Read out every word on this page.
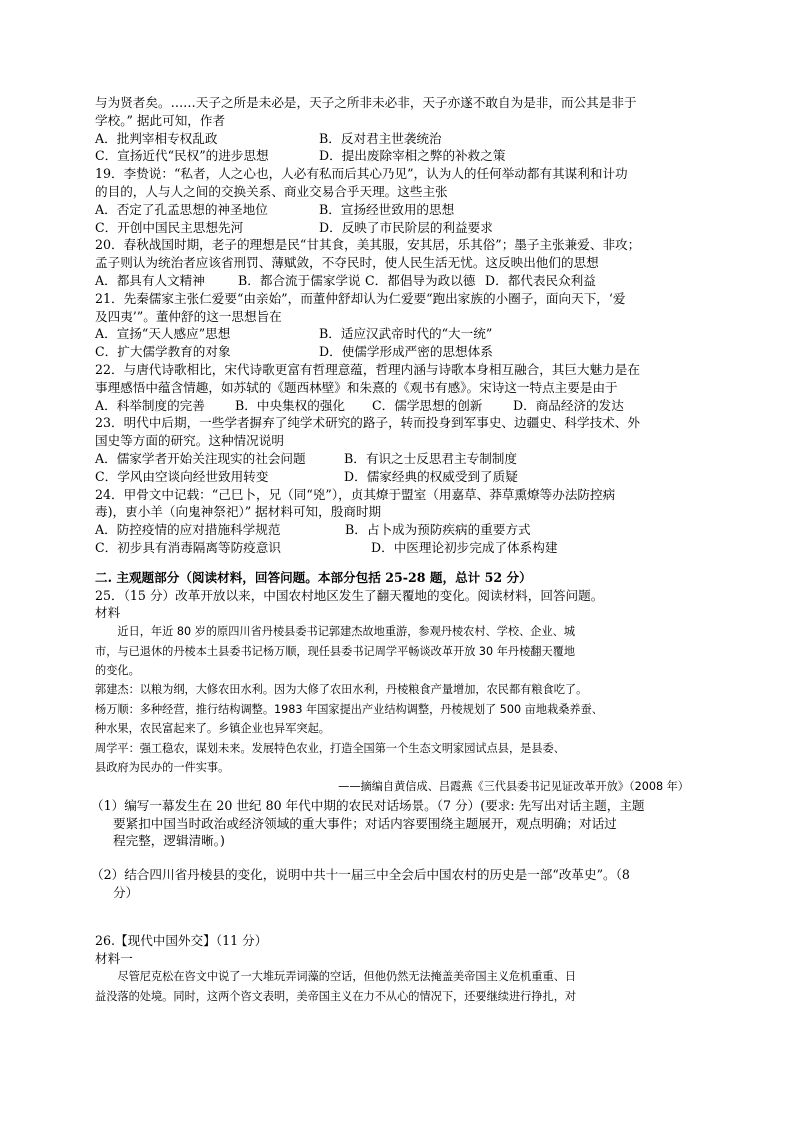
与为贤者矣。……天子之所是未必是，天子之所非未必非，天子亦遂不敢自为是非，而公其是非于
学校。” 据此可知，作者
A．批判宰相专权乱政	B．反对君主世袭统治
C．宣扬近代“民权”的进步思想	D．提出废除宰相之弊的补救之策
19．李贽说：“私者，人之心也，人必有私而后其心乃见”，认为人的任何举动都有其谋利和计功
的目的，人与人之间的交换关系、商业交易合乎天理。这些主张
A．否定了孔孟思想的神圣地位	B．宣扬经世致用的思想
C．开创中国民主思想先河	D．反映了市民阶层的利益要求
20．春秋战国时期，老子的理想是民“甘其食，美其服，安其居，乐其俗”；墨子主张兼爱、非攻；
孟子则认为统治者应该省刑罚、薄赋敛，不夺民时，使人民生活无忧。这反映出他们的思想
A．都具有人文精神	B．都合流于儒家学说 C．都倡导为政以德 D．都代表民众利益
21．先秦儒家主张仁爱要“由亲始”，而董仲舒却认为仁爱要“跑出家族的小圈子，面向天下，‘爱
及四夷’”。董仲舒的这一思想旨在
A．宣扬“天人感应”思想	B．适应汉武帝时代的“大一统”
C．扩大儒学教育的对象	D．使儒学形成严密的思想体系
22．与唐代诗歌相比，宋代诗歌更富有哲理意蕴，哲理内涵与诗歌本身相互融合，其巨大魅力是在
事理感悟中蕴含情趣，如苏轼的《题西林壁》和朱熹的《观书有感》。宋诗这一特点主要是由于
A．科举制度的完善	B．中央集权的强化	C．儒学思想的创新	D．商品经济的发达
23．明代中后期，一些学者摒弃了纯学术研究的路子，转而投身到军事史、边疆史、科学技术、外
国史等方面的研究。这种情况说明
A．儒家学者开始关注现实的社会问题	B．有识之士反思君主专制制度
C．学风由空谈向经世致用转变	D．儒家经典的权威受到了质疑
24．甲骨文中记载：“己巳卜，兄（同“兇”），贞其燎于盟室（用嘉草、莽草熏燎等办法防控病
毒)，叀小羊（向鬼神祭祀）” 据材料可知，殷商时期
A．防控疫情的应对措施科学规范	B．占卜成为预防疾病的重要方式
C．初步具有消毒隔离等防疫意识	D．中医理论初步完成了体系构建
二. 主观题部分（阅读材料，回答问题。本部分包括 25-28 题，总计 52 分）
25．（15 分）改革开放以来，中国农村地区发生了翻天覆地的变化。阅读材料，回答问题。
材料
近日，年近 80 岁的原四川省丹棱县委书记郭建杰故地重游，参观丹棱农村、学校、企业、城
市，与已退休的丹棱本土县委书记杨万顺，现任县委书记周学平畅谈改革开放 30 年丹棱翻天覆地
的变化。
郭建杰：以粮为纲，大修农田水利。因为大修了农田水利，丹棱粮食产量增加，农民都有粮食吃了。
杨万顺：多种经营，推行结构调整。1983 年国家提出产业结构调整，丹棱规划了 500 亩地栽桑养蚕、
种水果，农民富起来了。乡镇企业也异军突起。
周学平：强工稳农，谋划未来。发展特色农业，打造全国第一个生态文明家园试点县，是县委、
县政府为民办的一件实事。
——摘编自黄信成、吕霞燕《三代县委书记见证改革开放》（2008 年）
（1）编写一幕发生在 20 世纪 80 年代中期的农民对话场景。（7 分）(要求: 先写出对话主题，主题
要紧扣中国当时政治或经济领域的重大事件；对话内容要围绕主题展开，观点明确；对话过
程完整，逻辑清晰。)
（2）结合四川省丹棱县的变化，说明中共十一届三中全会后中国农村的历史是一部“改革史”。（8
分）
26.【现代中国外交】（11 分）
材料一
尽管尼克松在咨文中说了一大堆玩弄词藻的空话，但他仍然无法掩盖美帝国主义危机重重、日
益没落的处境。同时，这两个咨文表明，美帝国主义在力不从心的情况下，还要继续进行挣扎，对
